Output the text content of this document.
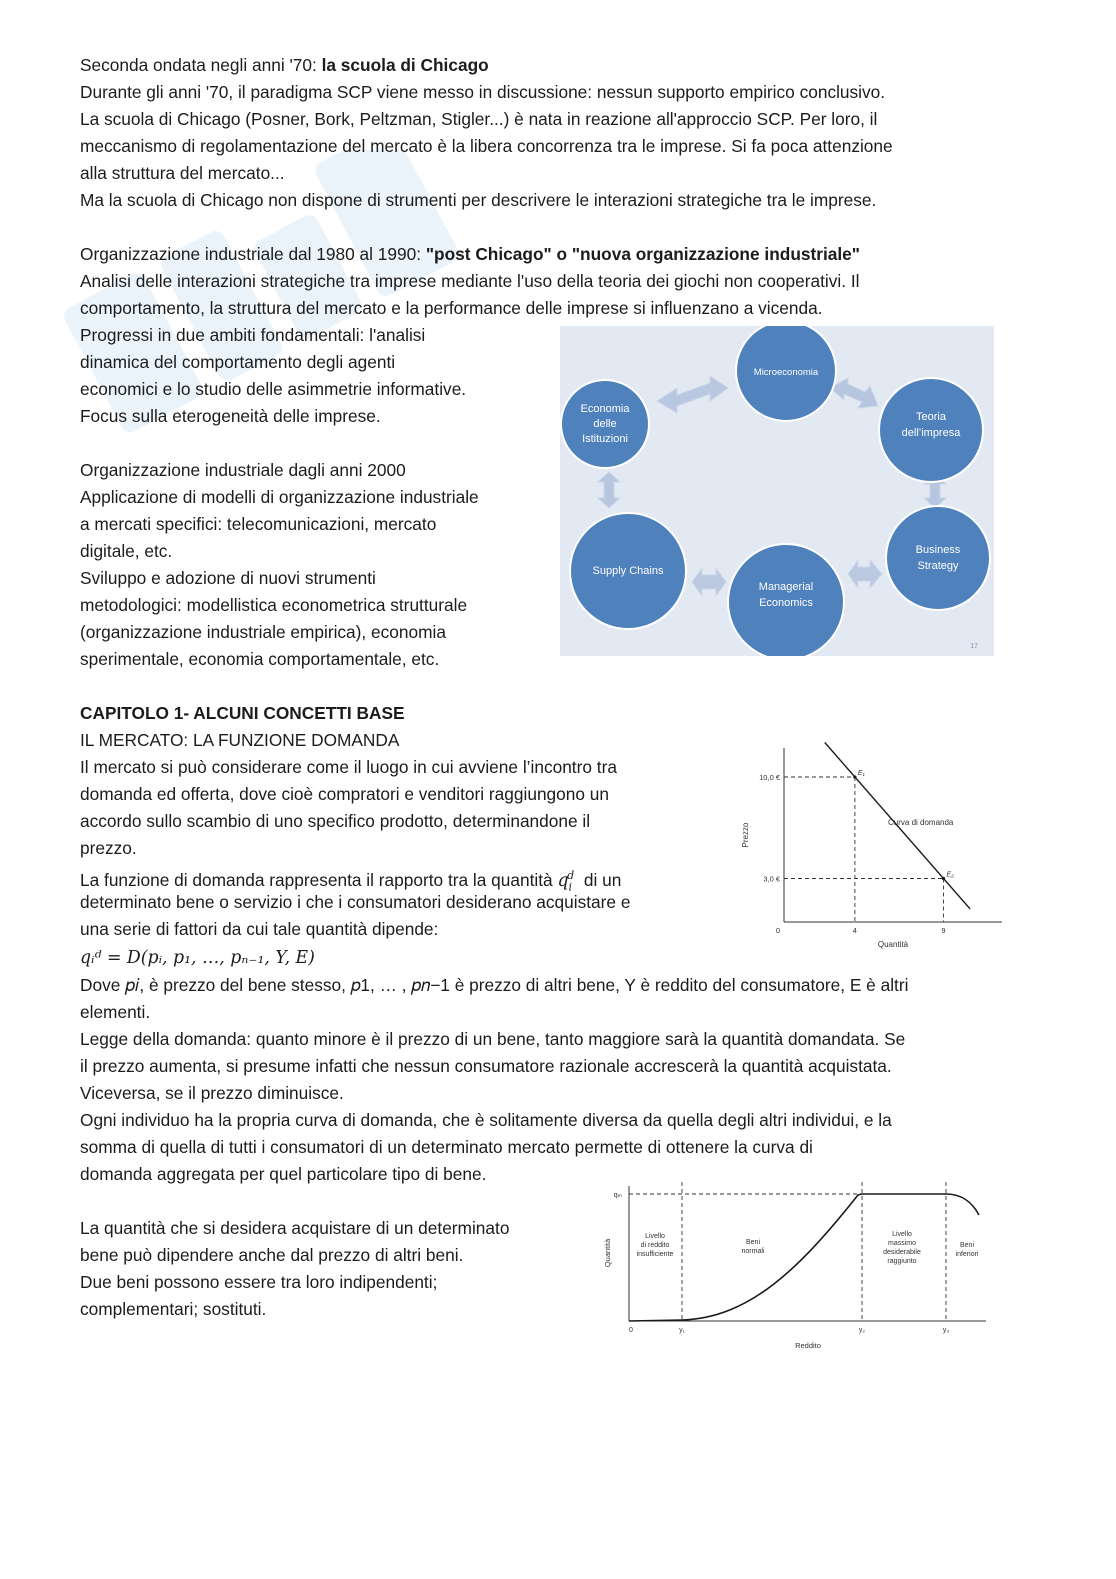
Seconda ondata negli anni '70: la scuola di Chicago
Durante gli anni '70, il paradigma SCP viene messo in discussione: nessun supporto empirico conclusivo.
La scuola di Chicago (Posner, Bork, Peltzman, Stigler...) è nata in reazione all'approccio SCP. Per loro, il
meccanismo di regolamentazione del mercato è la libera concorrenza tra le imprese. Si fa poca attenzione
alla struttura del mercato...
Ma la scuola di Chicago non dispone di strumenti per descrivere le interazioni strategiche tra le imprese.
Organizzazione industriale dal 1980 al 1990: "post Chicago" o "nuova organizzazione industriale"
Analisi delle interazioni strategiche tra imprese mediante l'uso della teoria dei giochi non cooperativi. Il
comportamento, la struttura del mercato e la performance delle imprese si influenzano a vicenda.
Progressi in due ambiti fondamentali: l'analisi
dinamica del comportamento degli agenti
economici e lo studio delle asimmetrie informative.
Focus sulla eterogeneità delle imprese.
Organizzazione industriale dagli anni 2000
Applicazione di modelli di organizzazione industriale
a mercati specifici: telecomunicazioni, mercato
digitale, etc.
Sviluppo e adozione di nuovi strumenti
metodologici: modellistica econometrica strutturale
(organizzazione industriale empirica), economia
sperimentale, economia comportamentale, etc.
Microeconomia
Economia
delle
Istituzioni
Teoria
dell’impresa
Supply Chains
Managerial
Economics
Business
Strategy
17
CAPITOLO 1- ALCUNI CONCETTI BASE
IL MERCATO: LA FUNZIONE DOMANDA
Il mercato si può considerare come il luogo in cui avviene l’incontro tra
domanda ed offerta, dove cioè compratori e venditori raggiungono un
accordo sullo scambio di uno specifico prodotto, determinandone il
prezzo.
La funzione di domanda rappresenta il rapporto tra la quantità $q_i^d$ di un
determinato bene o servizio i che i consumatori desiderano acquistare e
una serie di fattori da cui tale quantità dipende:
qᵢᵈ = D(pᵢ, p₁, …, pₙ₋₁, Y, E)
Dove 𝑝𝑖, è prezzo del bene stesso, 𝑝1, … , 𝑝𝑛−1 è prezzo di altri bene, Y è reddito del consumatore, E è altri
elementi.
Legge della domanda: quanto minore è il prezzo di un bene, tanto maggiore sarà la quantità domandata. Se
il prezzo aumenta, si presume infatti che nessun consumatore razionale accrescerà la quantità acquistata.
Viceversa, se il prezzo diminuisce.
Ogni individuo ha la propria curva di domanda, che è solitamente diversa da quella degli altri individui, e la
somma di quella di tutti i consumatori di un determinato mercato permette di ottenere la curva di
domanda aggregata per quel particolare tipo di bene.
La quantità che si desidera acquistare di un determinato
bene può dipendere anche dal prezzo di altri beni.
Due beni possono essere tra loro indipendenti;
complementari; sostituti.
Prezzo
Quantità
Curva di domanda
0
E₁
4
10,0 €
E₂
9
3,0 €
Quantità
Reddito
qₘ
0	y₁	y₂	y₃
Livello
di reddito
insufficiente
Beni
normali
Livello
massimo
desiderabile
raggiunto
Beni
inferiori
